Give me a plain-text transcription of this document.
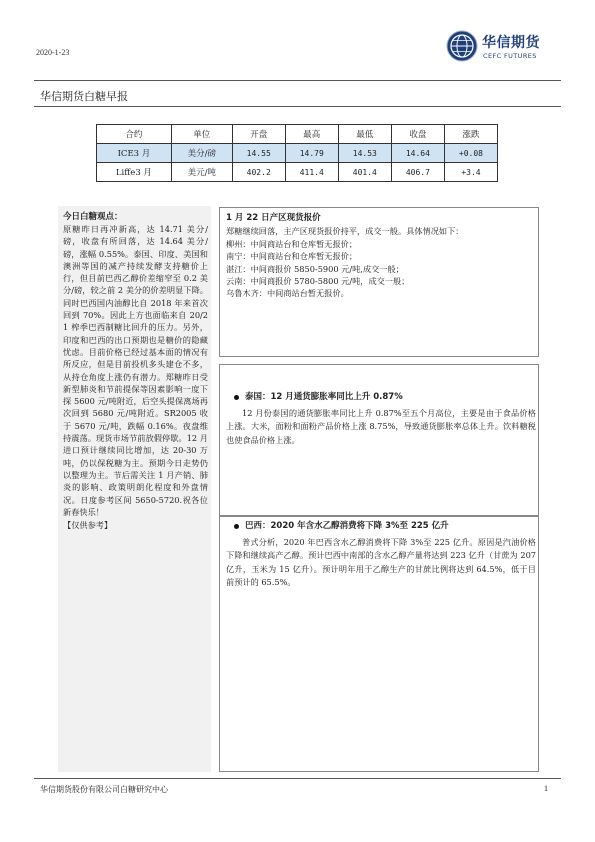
2020-1-23
华信期货
CEFC FUTURES
华信期货白糖早报
合约	单位	开盘	最高	最低	收盘	涨跌
ICE3 月	美分/磅	14.55	14.79	14.53	14.64	+0.08
Liffe3 月	美元/吨	402.2	411.4	401.4	406.7	+3.4
今日白糖观点：
原糖昨日再冲新高，达 14.71 美分/磅，收盘有所回落，达 14.64 美分/磅，涨幅 0.55%。泰国、印度、美国和澳洲等国的减产持续发酵支持糖价上行，但目前巴西乙醇价差缩窄至 0.2 美分/磅，较之前 2 美分的价差明显下降。同时巴西国内油醇比自 2018 年来首次回到 70%。因此上方也面临来自 20/21 榨季巴西制糖比回升的压力。另外，印度和巴西的出口预期也是糖价的隐藏忧虑。目前价格已经过基本面的情况有所反应，但是目前投机多头建仓不多，从持仓角度上涨仍有潜力。郑糖昨日受新型肺炎和节前提保等因素影响一度下探 5600 元/吨附近，后空头提保离场再次回到 5680 元/吨附近。SR2005 收于 5670 元/吨，跌幅 0.16%。夜盘维持震荡。现货市场节前放假停歇。12 月进口预计继续同比增加，达 20-30 万吨，仍以保税糖为主。预期今日走势仍以整理为主。节后需关注 1 月产销、肺炎的影响、政策明朗化程度和外盘情况。日度参考区间 5650-5720.祝各位新春快乐！
【仅供参考】
1 月 22 日产区现货报价
郑糖继续回落，主产区现货报价持平，成交一般。具体情况如下：
柳州：中间商站台和仓库暂无报价；
南宁：中间商站台和仓库暂无报价；
湛江：中间商报价 5850-5900 元/吨,成交一般；
云南：中间商报价 5780-5800 元/吨，成交一般；
乌鲁木齐：中间商站台暂无报价。
泰国：12 月通货膨胀率同比上升 0.87%
12 月份泰国的通货膨胀率同比上升 0.87%至五个月高位，主要是由于食品价格上涨。大米，面粉和面粉产品价格上涨 8.75%，导致通货膨胀率总体上升。饮料糖税也使食品价格上涨。
巴西：2020 年含水乙醇消费将下降 3%至 225 亿升
普式分析，2020 年巴西含水乙醇消费将下降 3%至 225 亿升。原因是汽油价格下降和继续高产乙醇。预计巴西中南部的含水乙醇产量将达到 223 亿升（甘蔗为 207 亿升，玉米为 15 亿升）。预计明年用于乙醇生产的甘蔗比例将达到 64.5%，低于目前预计的 65.5%。
华信期货股份有限公司白糖研究中心	1
